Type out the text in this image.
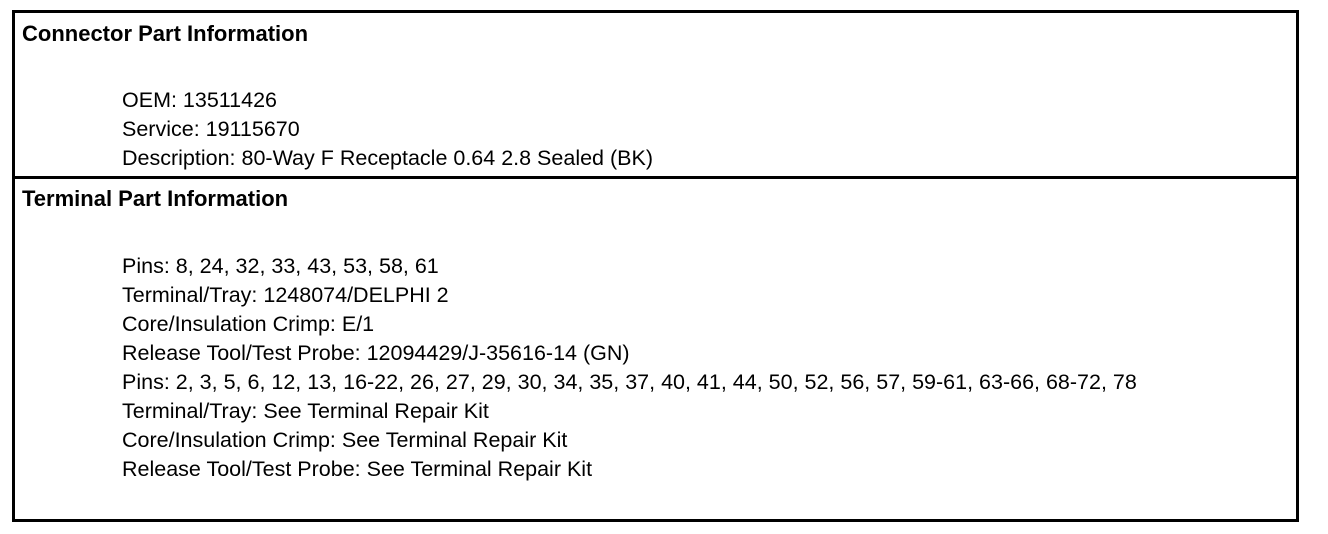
Connector Part Information
OEM: 13511426
Service: 19115670
Description: 80-Way F Receptacle 0.64 2.8 Sealed (BK)
Terminal Part Information
Pins: 8, 24, 32, 33, 43, 53, 58, 61
Terminal/Tray: 1248074/DELPHI 2
Core/Insulation Crimp: E/1
Release Tool/Test Probe: 12094429/J-35616-14 (GN)
Pins: 2, 3, 5, 6, 12, 13, 16-22, 26, 27, 29, 30, 34, 35, 37, 40, 41, 44, 50, 52, 56, 57, 59-61, 63-66, 68-72, 78
Terminal/Tray: See Terminal Repair Kit
Core/Insulation Crimp: See Terminal Repair Kit
Release Tool/Test Probe: See Terminal Repair Kit
